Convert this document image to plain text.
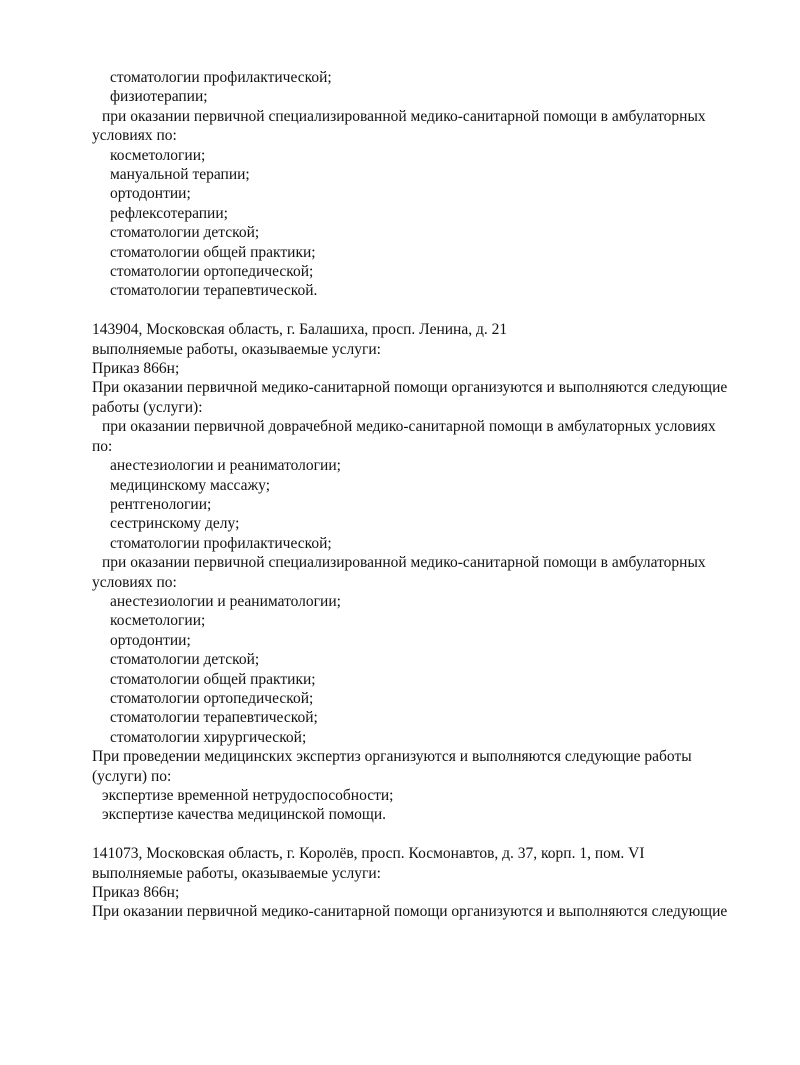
стоматологии профилактической;
физиотерапии;
при оказании первичной специализированной медико-санитарной помощи в амбулаторных
условиях по:
косметологии;
мануальной терапии;
ортодонтии;
рефлексотерапии;
стоматологии детской;
стоматологии общей практики;
стоматологии ортопедической;
стоматологии терапевтической.
143904, Московская область, г. Балашиха, просп. Ленина, д. 21
выполняемые работы, оказываемые услуги:
Приказ 866н;
При оказании первичной медико-санитарной помощи организуются и выполняются следующие
работы (услуги):
при оказании первичной доврачебной медико-санитарной помощи в амбулаторных условиях
по:
анестезиологии и реаниматологии;
медицинскому массажу;
рентгенологии;
сестринскому делу;
стоматологии профилактической;
при оказании первичной специализированной медико-санитарной помощи в амбулаторных
условиях по:
анестезиологии и реаниматологии;
косметологии;
ортодонтии;
стоматологии детской;
стоматологии общей практики;
стоматологии ортопедической;
стоматологии терапевтической;
стоматологии хирургической;
При проведении медицинских экспертиз организуются и выполняются следующие работы
(услуги) по:
экспертизе временной нетрудоспособности;
экспертизе качества медицинской помощи.
141073, Московская область, г. Королёв, просп. Космонавтов, д. 37, корп. 1, пом. VI
выполняемые работы, оказываемые услуги:
Приказ 866н;
При оказании первичной медико-санитарной помощи организуются и выполняются следующие
